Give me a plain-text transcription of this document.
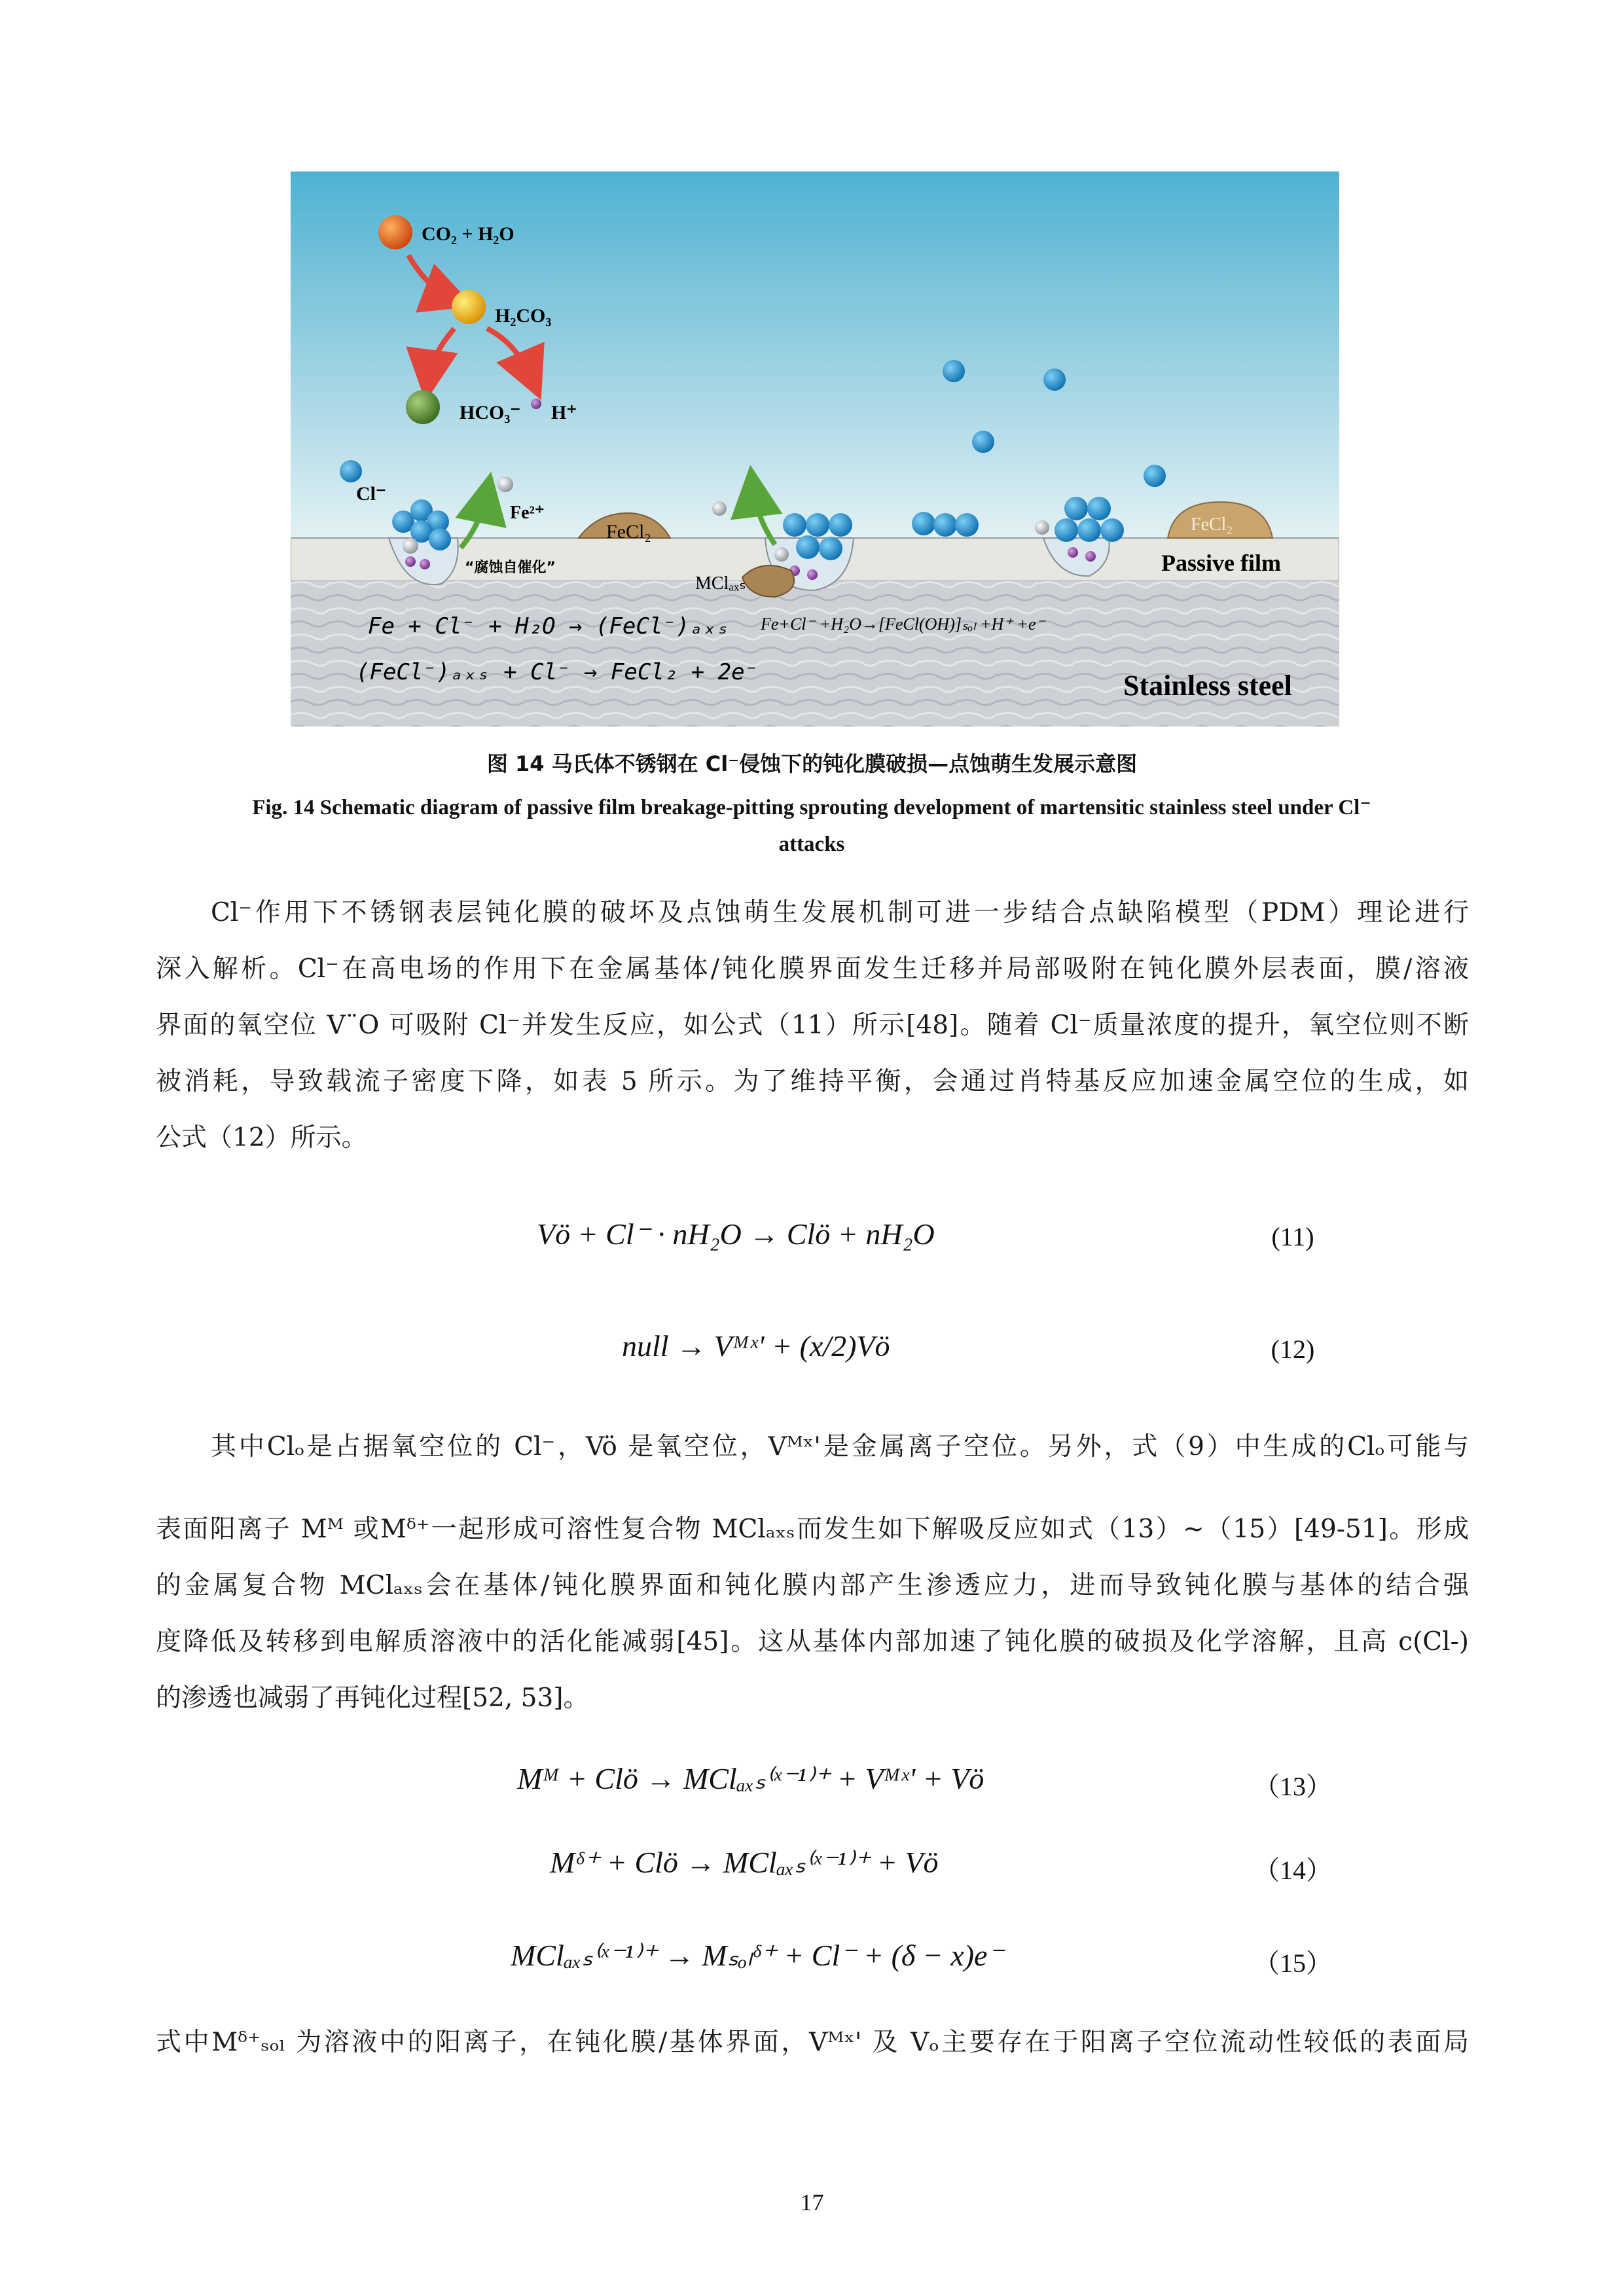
CO₂ + H₂O
H₂CO₃
HCO₃⁻ H⁺
Cl⁻
Fe²⁺
“腐蚀自催化”
FeCl₂
MClₐₓₛ
FeCl₂
Passive film
Stainless steel
Fe + Cl⁻ + H₂O → (FeCl⁻)ₐₓₛ
(FeCl⁻)ₐₓₛ + Cl⁻ → FeCl₂ + 2e⁻
Fe+Cl⁻ +H₂O→[FeCl(OH)]ₛₒₗ +H⁺ +e⁻
图 14 马氏体不锈钢在 Cl⁻侵蚀下的钝化膜破损—点蚀萌生发展示意图
Fig. 14 Schematic diagram of passive film breakage-pitting sprouting development of martensitic stainless steel under Cl⁻
attacks
Cl⁻作用下不锈钢表层钝化膜的破坏及点蚀萌生发展机制可进一步结合点缺陷模型（PDM）理论进行
深入解析。Cl⁻在高电场的作用下在金属基体/钝化膜界面发生迁移并局部吸附在钝化膜外层表面，膜/溶液
界面的氧空位 V¨O 可吸附 Cl⁻并发生反应，如公式（11）所示[48]。随着 Cl⁻质量浓度的提升，氧空位则不断
被消耗，导致载流子密度下降，如表 5 所示。为了维持平衡，会通过肖特基反应加速金属空位的生成，如
公式（12）所示。
Vö + Cl⁻ · nH₂O → Clö + nH₂O	(11)
null → Vᴹˣ' + (x/2)Vö	(12)
其中Clₒ是占据氧空位的 Cl⁻，Vö 是氧空位，Vᴹˣ'是金属离子空位。另外，式（9）中生成的Clₒ可能与
表面阳离子 Mᴹ 或Mᵟ⁺一起形成可溶性复合物 MClₐₓₛ而发生如下解吸反应如式（13）~（15）[49-51]。形成
的金属复合物 MClₐₓₛ会在基体/钝化膜界面和钝化膜内部产生渗透应力，进而导致钝化膜与基体的结合强
度降低及转移到电解质溶液中的活化能减弱[45]。这从基体内部加速了钝化膜的破损及化学溶解，且高 c(Cl-)
的渗透也减弱了再钝化过程[52, 53]。
Mᴹ + Clö → MClₐₓₛ⁽ˣ⁻¹⁾⁺ + Vᴹˣ' + Vö	（13）
Mᵟ⁺ + Clö → MClₐₓₛ⁽ˣ⁻¹⁾⁺ + Vö	（14）
MClₐₓₛ⁽ˣ⁻¹⁾⁺ → Mₛₒₗᵟ⁺ + Cl⁻ + (δ − x)e⁻	（15）
式中Mᵟ⁺ₛₒₗ 为溶液中的阳离子，在钝化膜/基体界面，Vᴹˣ' 及 Vₒ主要存在于阳离子空位流动性较低的表面局
17
